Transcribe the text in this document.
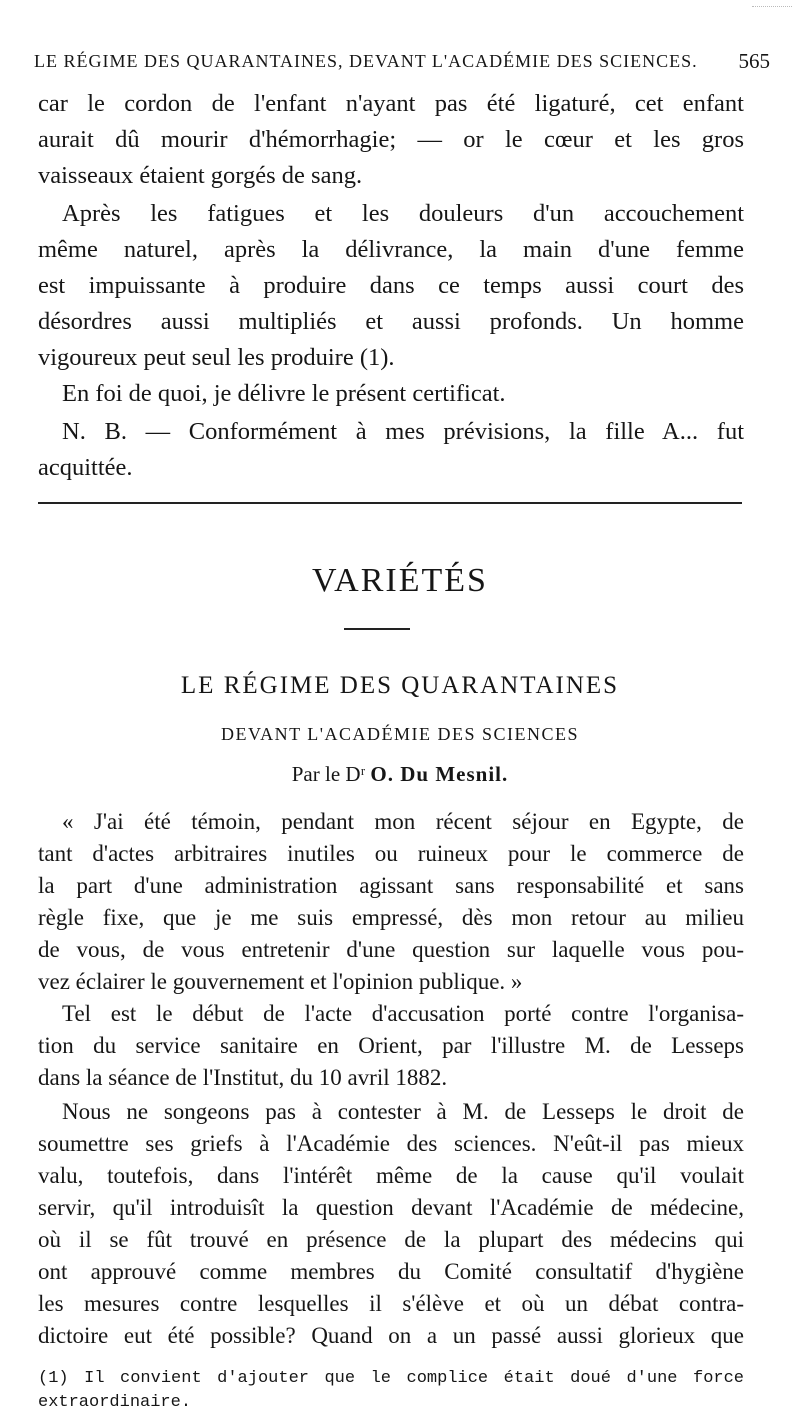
LE RÉGIME DES QUARANTAINES, DEVANT L'ACADÉMIE DES SCIENCES. 565
car le cordon de l'enfant n'ayant pas été ligaturé, cet enfant
aurait dû mourir d'hémorrhagie; — or le cœur et les gros
vaisseaux étaient gorgés de sang.
Après les fatigues et les douleurs d'un accouchement
même naturel, après la délivrance, la main d'une femme
est impuissante à produire dans ce temps aussi court des
désordres aussi multipliés et aussi profonds. Un homme
vigoureux peut seul les produire (1).
En foi de quoi, je délivre le présent certificat.
N. B. — Conformément à mes prévisions, la fille A... fut
acquittée.
VARIÉTÉS
LE RÉGIME DES QUARANTAINES
DEVANT L'ACADÉMIE DES SCIENCES
Par le Dʳ O. Du Mesnil.
« J'ai été témoin, pendant mon récent séjour en Egypte, de
tant d'actes arbitraires inutiles ou ruineux pour le commerce de
la part d'une administration agissant sans responsabilité et sans
règle fixe, que je me suis empressé, dès mon retour au milieu
de vous, de vous entretenir d'une question sur laquelle vous pou-
vez éclairer le gouvernement et l'opinion publique. »
Tel est le début de l'acte d'accusation porté contre l'organisa-
tion du service sanitaire en Orient, par l'illustre M. de Lesseps
dans la séance de l'Institut, du 10 avril 1882.
Nous ne songeons pas à contester à M. de Lesseps le droit de
soumettre ses griefs à l'Académie des sciences. N'eût-il pas mieux
valu, toutefois, dans l'intérêt même de la cause qu'il voulait
servir, qu'il introduisît la question devant l'Académie de médecine,
où il se fût trouvé en présence de la plupart des médecins qui
ont approuvé comme membres du Comité consultatif d'hygiène
les mesures contre lesquelles il s'élève et où un débat contra-
dictoire eut été possible? Quand on a un passé aussi glorieux que
(1) Il convient d'ajouter que le complice était doué d'une force
extraordinaire.
